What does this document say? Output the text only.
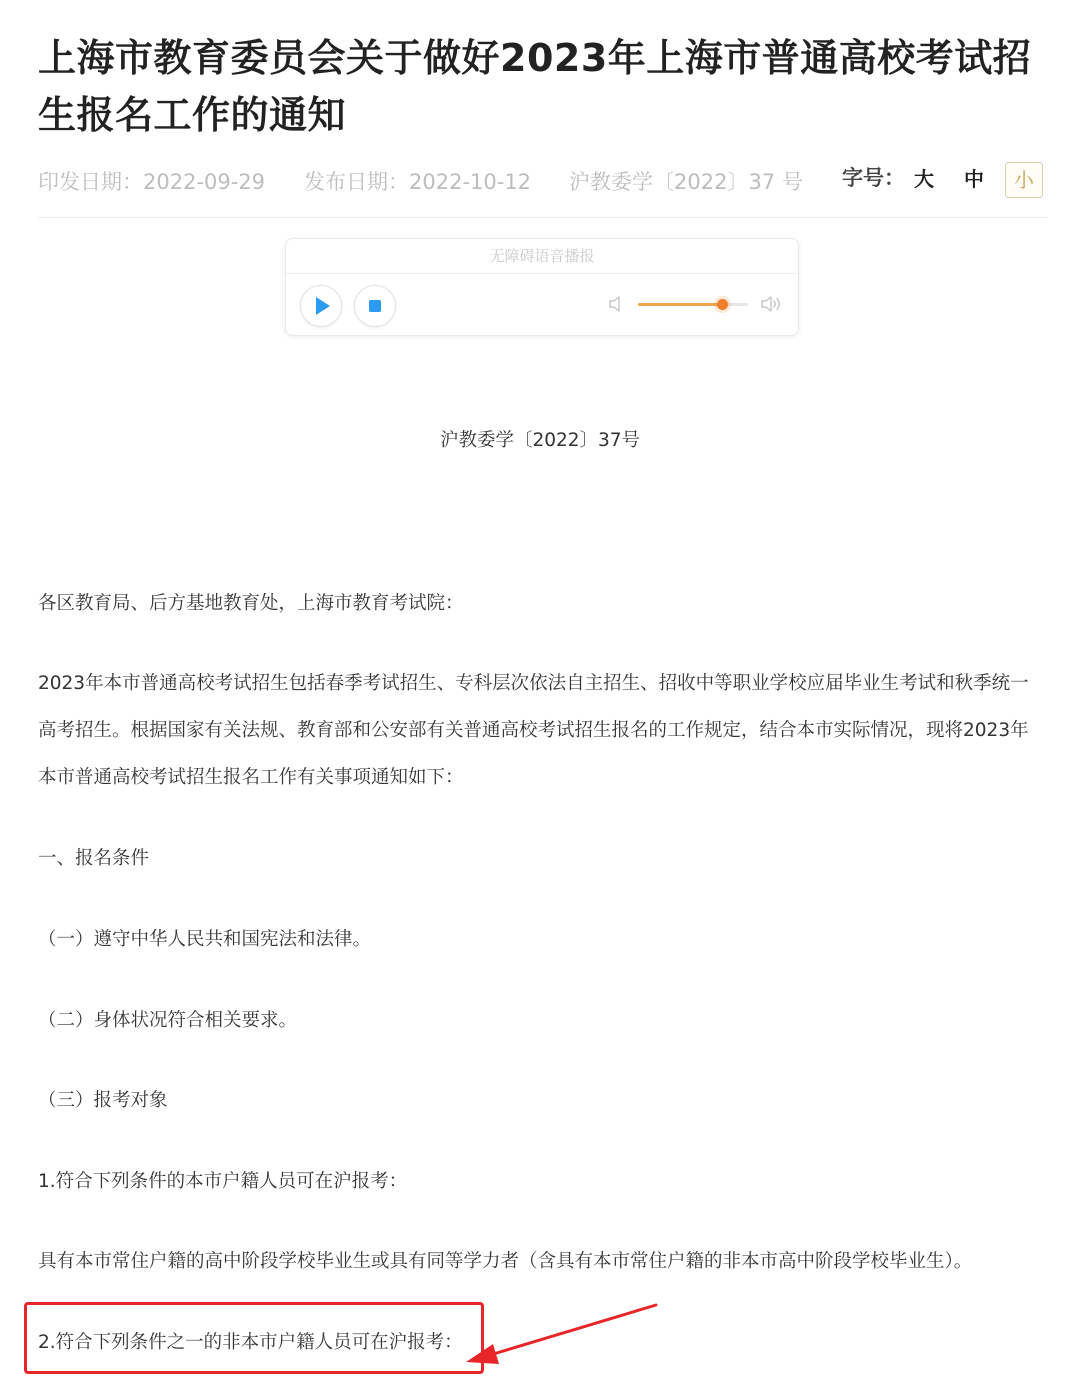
上海市教育委员会关于做好2023年上海市普通高校考试招生报名工作的通知
印发日期：2022-09-29 发布日期：2022-10-12 沪教委学〔2022〕37 号 字号： 大	中	小
无障碍语音播报
沪教委学〔2022〕37号
各区教育局、后方基地教育处，上海市教育考试院：
2023年本市普通高校考试招生包括春季考试招生、专科层次依法自主招生、招收中等职业学校应届毕业生考试和秋季统一
高考招生。根据国家有关法规、教育部和公安部有关普通高校考试招生报名的工作规定，结合本市实际情况，现将2023年
本市普通高校考试招生报名工作有关事项通知如下：
一、报名条件
（一）遵守中华人民共和国宪法和法律。
（二）身体状况符合相关要求。
（三）报考对象
1.符合下列条件的本市户籍人员可在沪报考：
具有本市常住户籍的高中阶段学校毕业生或具有同等学力者（含具有本市常住户籍的非本市高中阶段学校毕业生）。
2.符合下列条件之一的非本市户籍人员可在沪报考：
